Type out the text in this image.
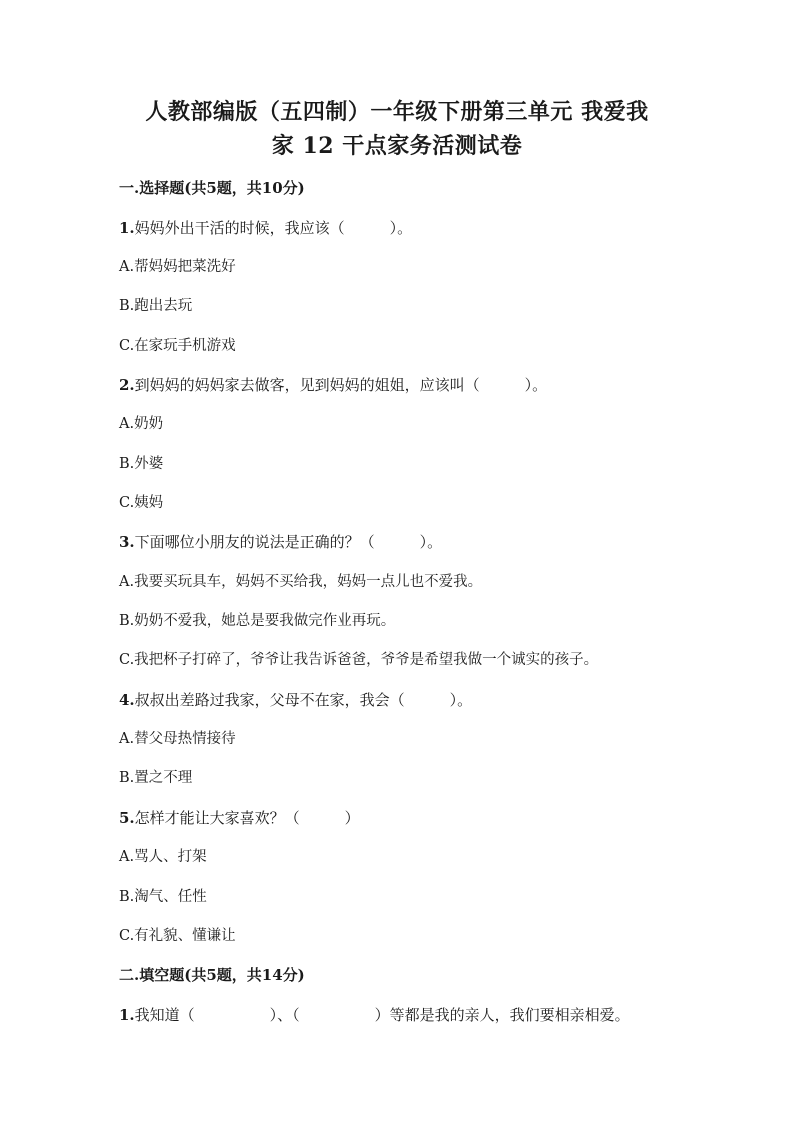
人教部编版（五四制）一年级下册第三单元 我爱我
家 12 干点家务活测试卷
一.选择题(共5题，共10分)
1.妈妈外出干活的时候，我应该（　　　）。
A.帮妈妈把菜洗好
B.跑出去玩
C.在家玩手机游戏
2.到妈妈的妈妈家去做客，见到妈妈的姐姐，应该叫（　　　）。
A.奶奶
B.外婆
C.姨妈
3.下面哪位小朋友的说法是正确的？（　　　）。
A.我要买玩具车，妈妈不买给我，妈妈一点儿也不爱我。
B.奶奶不爱我，她总是要我做完作业再玩。
C.我把杯子打碎了，爷爷让我告诉爸爸，爷爷是希望我做一个诚实的孩子。
4.叔叔出差路过我家，父母不在家，我会（　　　）。
A.替父母热情接待
B.置之不理
5.怎样才能让大家喜欢？（　　　）
A.骂人、打架
B.淘气、任性
C.有礼貌、懂谦让
二.填空题(共5题，共14分)
1.我知道（　　　　　）、（　　　　　）等都是我的亲人，我们要相亲相爱。
